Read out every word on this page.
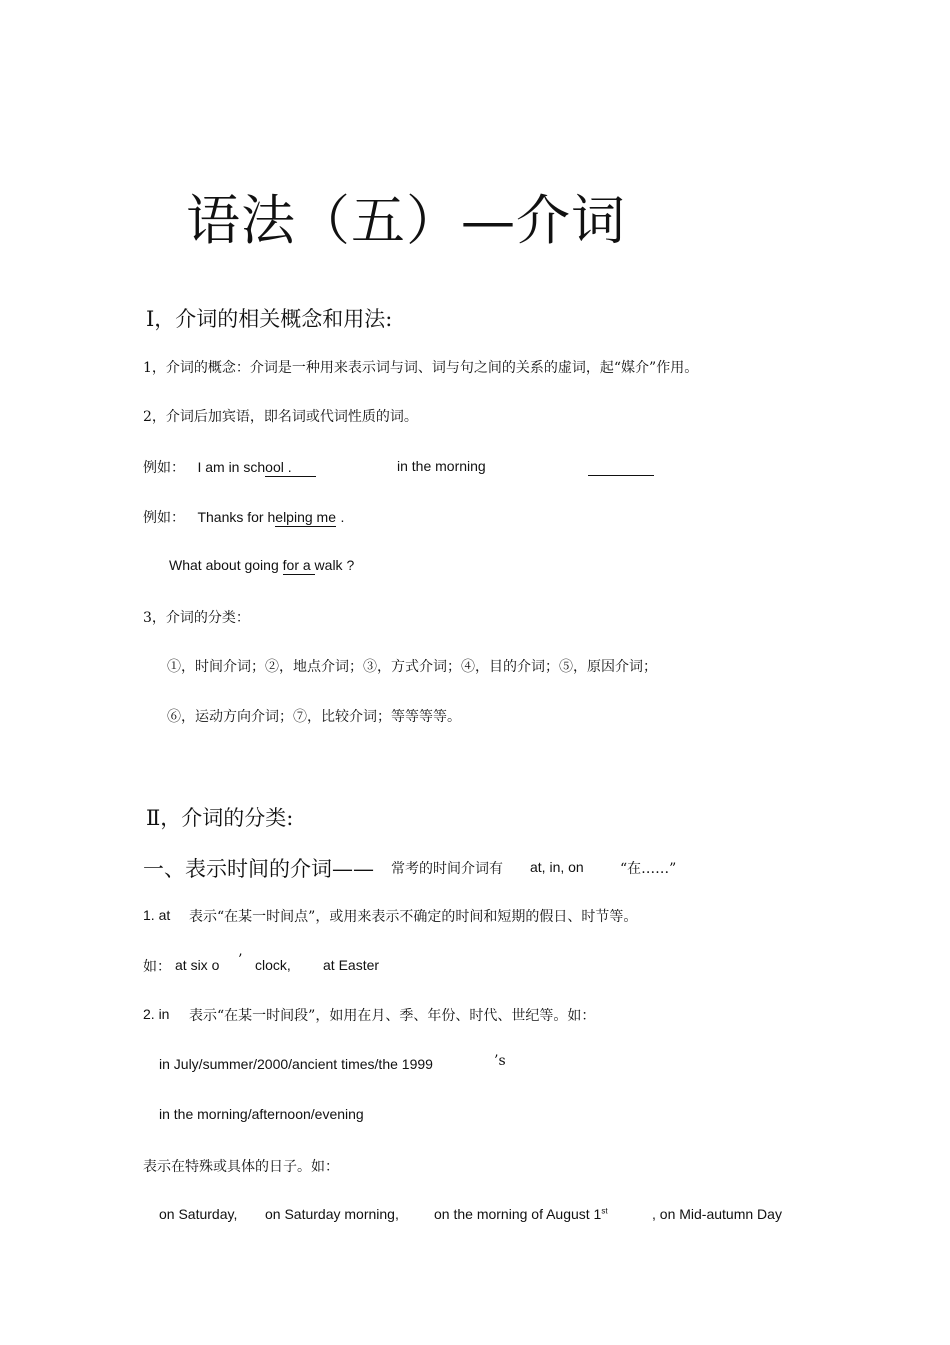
语法（五）—介词
Ⅰ，介词的相关概念和用法:
1，介词的概念：介词是一种用来表示词与词、词与句之间的关系的虚词，起“媒介”作用。
2，介词后加宾语，即名词或代词性质的词。
例如： I am in school .	in the morning
例如： Thanks for helping me .
What about going for a walk ?
3，介词的分类：
①，时间介词；②，地点介词；③，方式介词；④，目的介词；⑤，原因介词；
⑥，运动方向介词；⑦，比较介词；等等等等。
Ⅱ，介词的分类:
一、表示时间的介词—— 常考的时间介词有 at, in, on	“在……”
1. at 表示“在某一时间点”，或用来表示不确定的时间和短期的假日、时节等。
如： at six o ’ clock, at Easter
2. in 表示“在某一时间段”，如用在月、季、年份、时代、世纪等。如：
in July/summer/2000/ancient times/the 1999	’s
in the morning/afternoon/evening
表示在特殊或具体的日子。如：
on Saturday, on Saturday morning,	on the morning of August 1st	, on Mid-autumn Day
